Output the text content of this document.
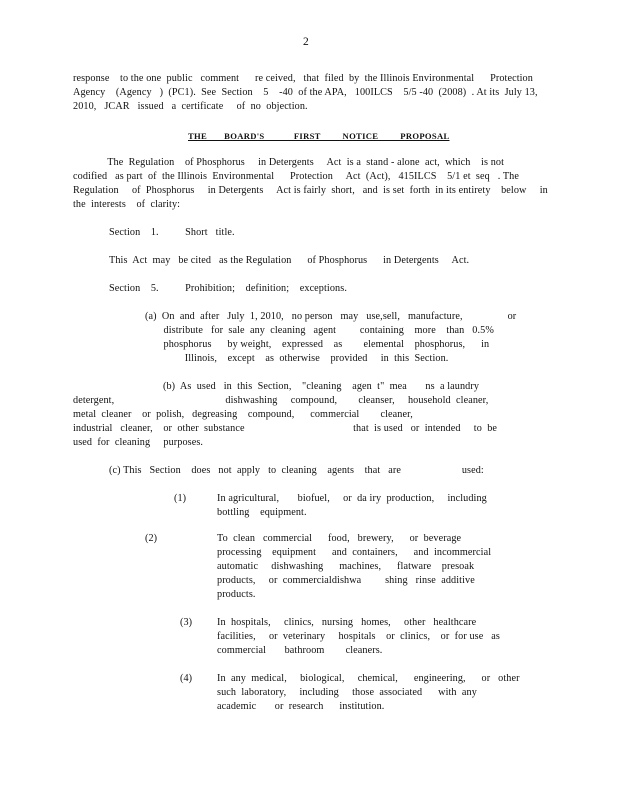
2
response    to the one  public   comment      re ceived,   that  filed  by  the Illinois Environmental      Protection
Agency    (Agency   )  (PC1).  See  Section    5    -40  of the APA,   100ILCS    5/5 -40  (2008)  . At its  July 13,
2010,   JCAR   issued   a  certificate     of  no  objection.
THE       BOARD'S            FIRST         NOTICE         PROPOSAL
The  Regulation    of Phosphorus     in Detergents     Act  is a  stand - alone  act,  which    is not
codified   as part  of  the Illinois  Environmental      Protection     Act  (Act),   415ILCS    5/1 et  seq   . The
Regulation     of  Phosphorus     in Detergents     Act is fairly  short,   and  is set  forth  in its entirety    below     in
the  interests    of  clarity:
Section    1.          Short   title.
This  Act  may   be cited   as the Regulation      of Phosphorus      in Detergents     Act.
Section    5.          Prohibition;    definition;    exceptions.
(a)  On  and  after   July  1, 2010,   no person   may   use,sell,   manufacture,                 or
distribute   for  sale  any  cleaning   agent         containing    more    than   0.5%
phosphorus      by weight,    expressed    as        elemental    phosphorus,      in
Illinois,    except    as  otherwise    provided     in  this  Section.
(b)  As  used   in  this  Section,    "cleaning    agen  t"  mea       ns  a laundry
detergent,                                          dishwashing     compound,        cleanser,     household  cleaner,
metal  cleaner    or  polish,   degreasing    compound,      commercial        cleaner,
industrial   cleaner,    or  other  substance                                         that  is used   or  intended     to  be
used  for  cleaning     purposes.
(c) This   Section    does   not  apply   to  cleaning    agents    that   are                       used:
(1)	In agricultural,       biofuel,     or  da iry  production,     including
bottling    equipment.
(2)	To  clean   commercial      food,   brewery,      or  beverage
processing    equipment      and  containers,      and  incommercial
automatic     dishwashing      machines,      flatware    presoak
products,     or  commercialdishwa         shing   rinse  additive
products.
(3) In  hospitals,     clinics,   nursing   homes,     other   healthcare
facilities,     or  veterinary     hospitals    or  clinics,    or  for use   as
commercial       bathroom        cleaners.
(4) In  any  medical,     biological,     chemical,      engineering,      or   other
such  laboratory,     including     those  associated      with  any
academic       or  research      institution.
